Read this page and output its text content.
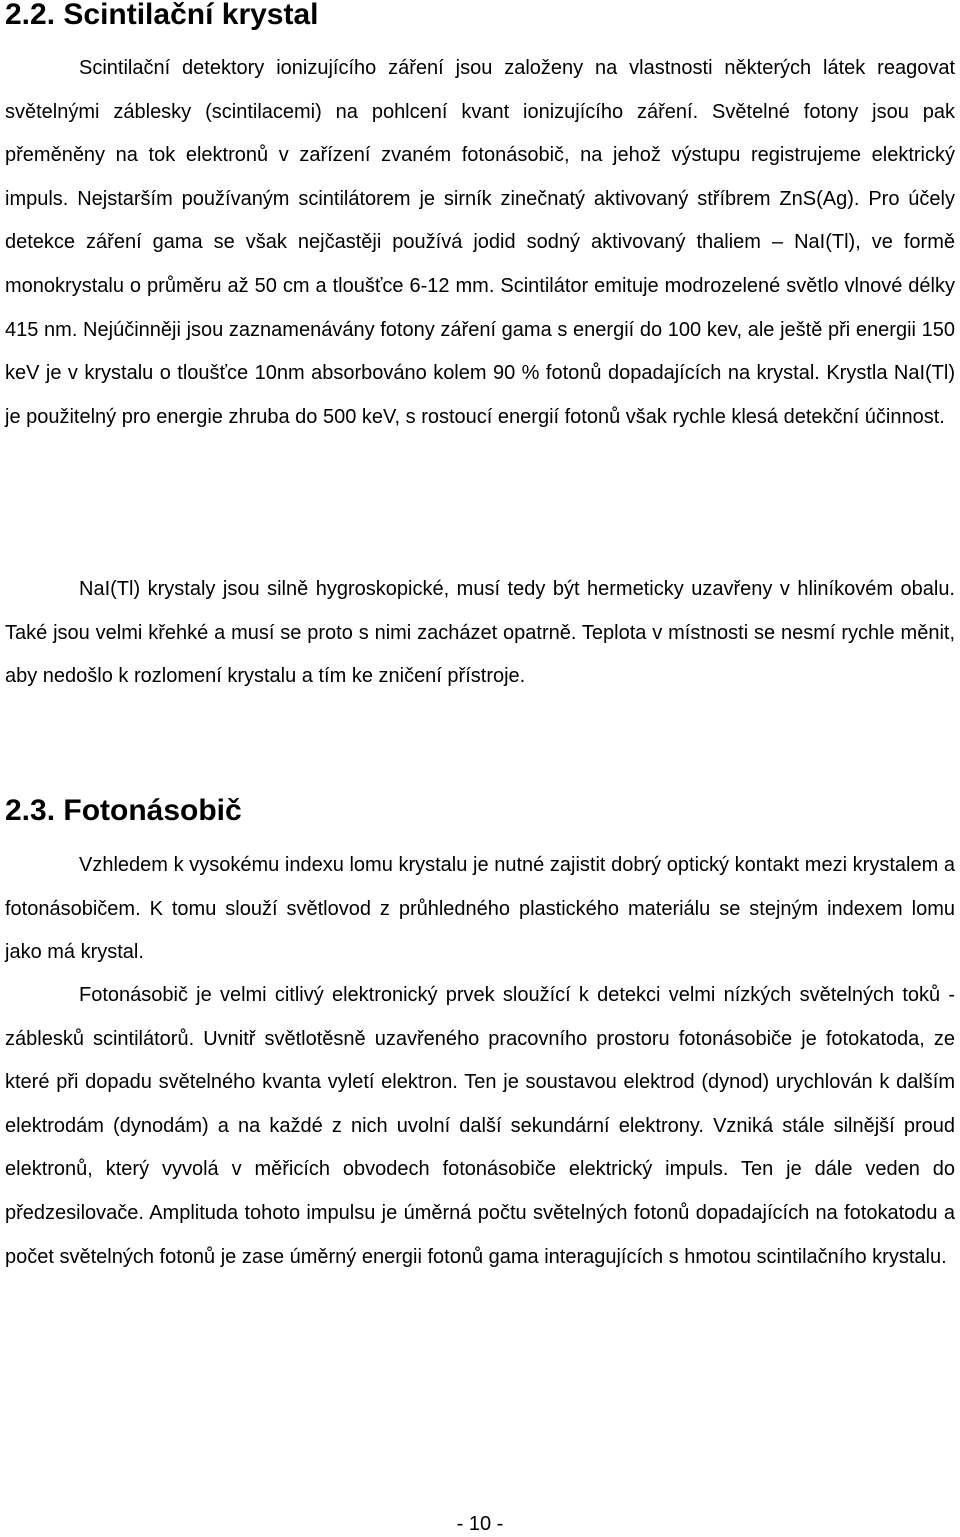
2.2. Scintilační krystal

Scintilační detektory ionizujícího záření jsou založeny na vlastnosti některých látek reagovat světelnými záblesky (scintilacemi) na pohlcení kvant ionizujícího záření. Světelné fotony jsou pak přeměněny na tok elektronů v zařízení zvaném fotonásobič, na jehož výstupu registrujeme elektrický impuls. Nejstarším používaným scintilátorem je sirník zinečnatý aktivovaný stříbrem ZnS(Ag). Pro účely detekce záření gama se však nejčastěji používá jodid sodný aktivovaný thaliem – NaI(Tl), ve formě monokrystalu o průměru až 50 cm a tloušťce 6-12 mm. Scintilátor emituje modrozelené světlo vlnové délky 415 nm. Nejúčinněji jsou zaznamenávány fotony záření gama s energií do 100 kev, ale ještě při energii 150 keV je v krystalu o tloušťce 10nm absorbováno kolem 90 % fotonů dopadajících na krystal. Krystla NaI(Tl) je použitelný pro energie zhruba do 500 keV, s rostoucí energií fotonů však rychle klesá detekční účinnost.

NaI(Tl) krystaly jsou silně hygroskopické, musí tedy být hermeticky uzavřeny v hliníkovém obalu. Také jsou velmi křehké a musí se proto s nimi zacházet opatrně. Teplota v místnosti se nesmí rychle měnit, aby nedošlo k rozlomení krystalu a tím ke zničení přístroje.

2.3. Fotonásobič

Vzhledem k vysokému indexu lomu krystalu je nutné zajistit dobrý optický kontakt mezi krystalem a fotonásobičem. K tomu slouží světlovod z průhledného plastického materiálu se stejným indexem lomu jako má krystal.

Fotonásobič je velmi citlivý elektronický prvek sloužící k detekci velmi nízkých světelných toků - záblesků scintilátorů. Uvnitř světlotěsně uzavřeného pracovního prostoru fotonásobiče je fotokatoda, ze které při dopadu světelného kvanta vyletí elektron. Ten je soustavou elektrod (dynod) urychlován k dalším elektrodám (dynodám) a na každé z nich uvolní další sekundární elektrony. Vzniká stále silnější proud elektronů, který vyvolá v měřicích obvodech fotonásobiče elektrický impuls. Ten je dále veden do předzesilovače. Amplituda tohoto impulsu je úměrná počtu světelných fotonů dopadajících na fotokatodu a počet světelných fotonů je zase úměrný energii fotonů gama interagujících s hmotou scintilačního krystalu.

- 10 -
